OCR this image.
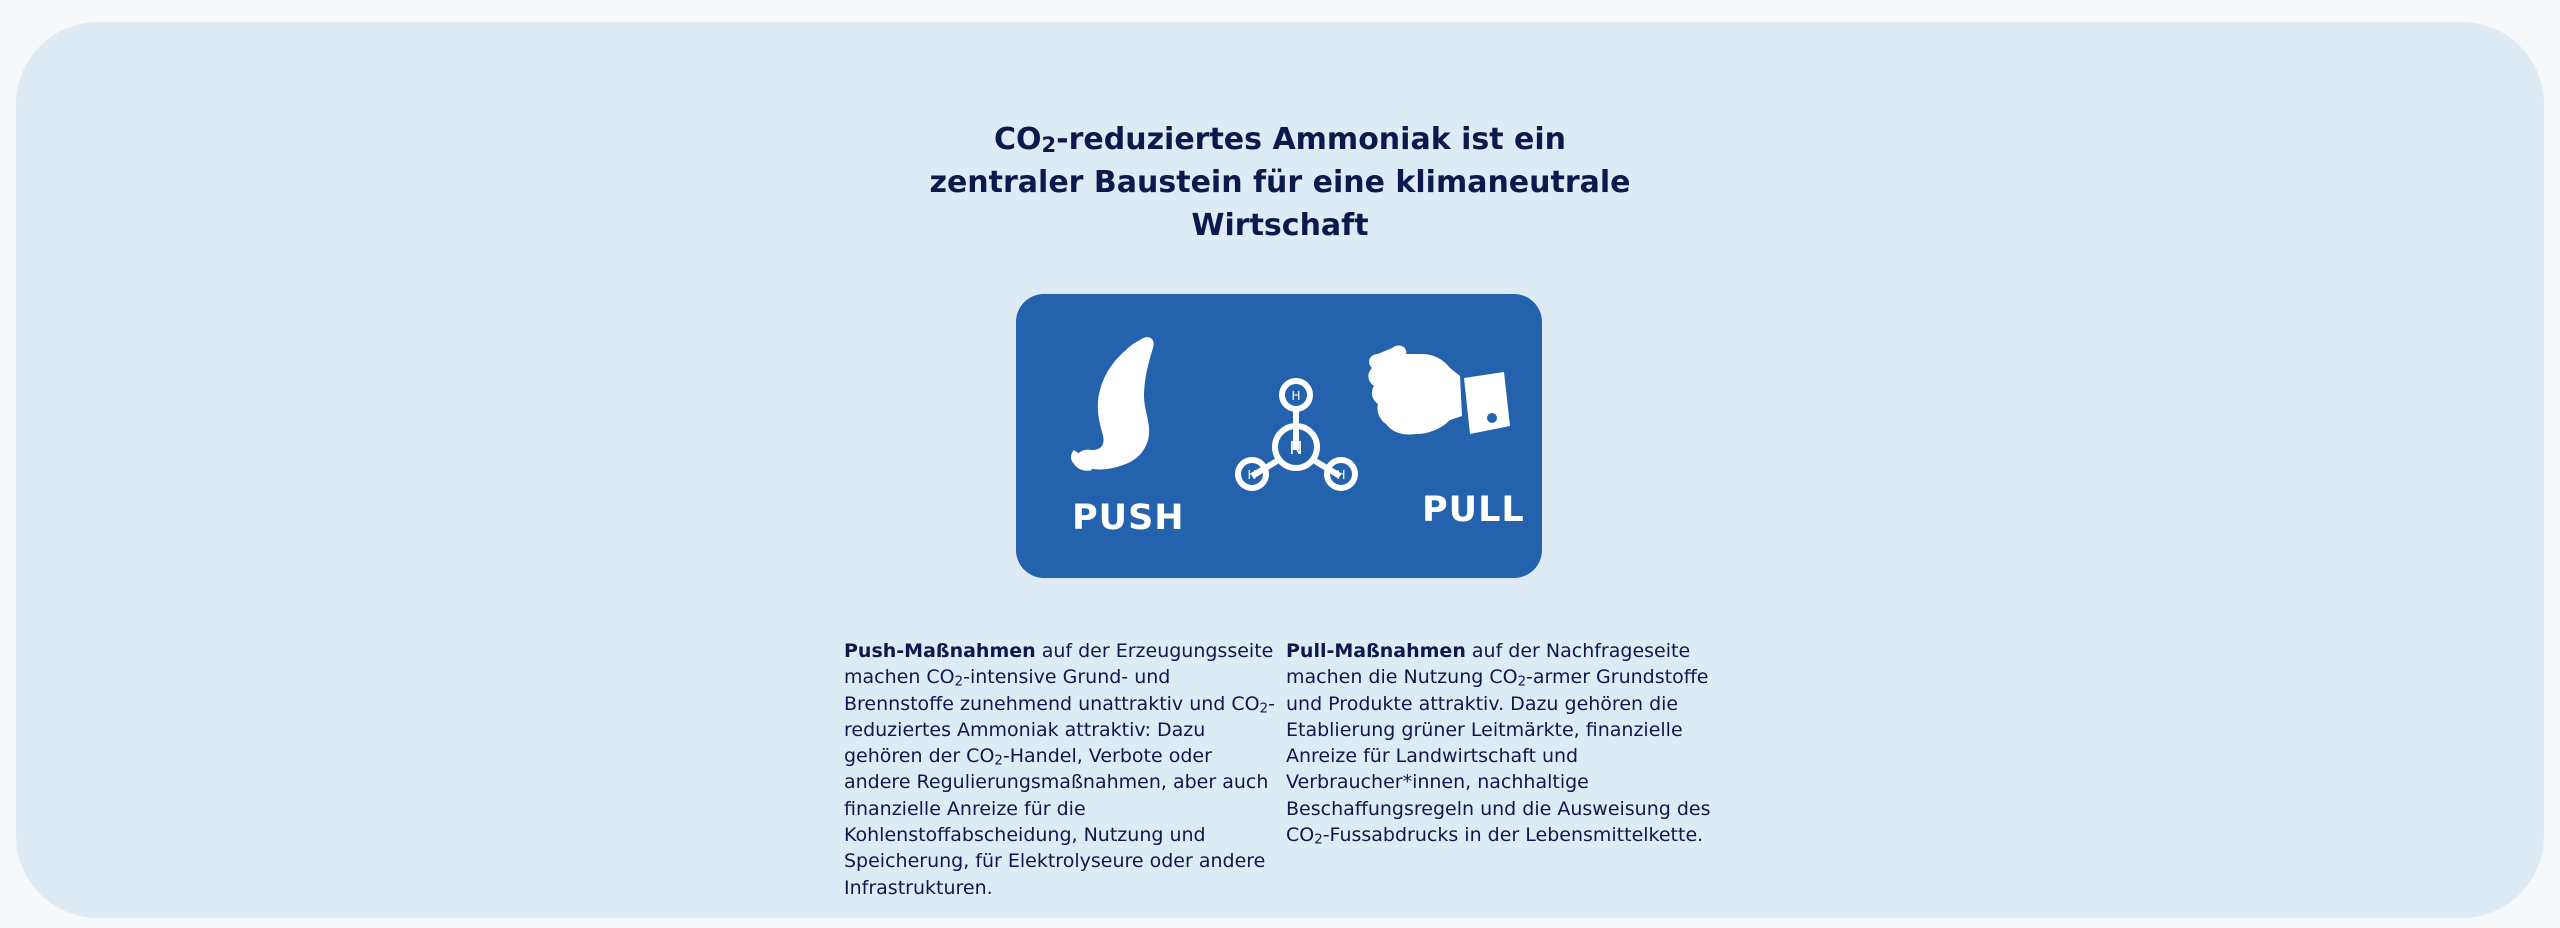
$CO_2$-reduziertes Ammoniak ist ein
zentraler Baustein für eine klimaneutrale
Wirtschaft
N
H
H	H
PUSH	PULL

Push-Maßnahmen auf der Erzeugungsseite machen $CO_2$-intensive Grund- und Brennstoffe zunehmend unattraktiv und $CO_2$-reduziertes Ammoniak attraktiv: Dazu gehören der $CO_2$-Handel, Verbote oder andere Regulierungsmaßnahmen, aber auch finanzielle Anreize für die Kohlenstoffabscheidung, Nutzung und Speicherung, für Elektrolyseure oder andere Infrastrukturen.

Pull-Maßnahmen auf der Nachfrageseite machen die Nutzung $CO_2$-armer Grundstoffe und Produkte attraktiv. Dazu gehören die Etablierung grüner Leitmärkte, finanzielle Anreize für Landwirtschaft und Verbraucher*innen, nachhaltige Beschaffungsregeln und die Ausweisung des $CO_2$-Fussabdrucks in der Lebensmittelkette.
